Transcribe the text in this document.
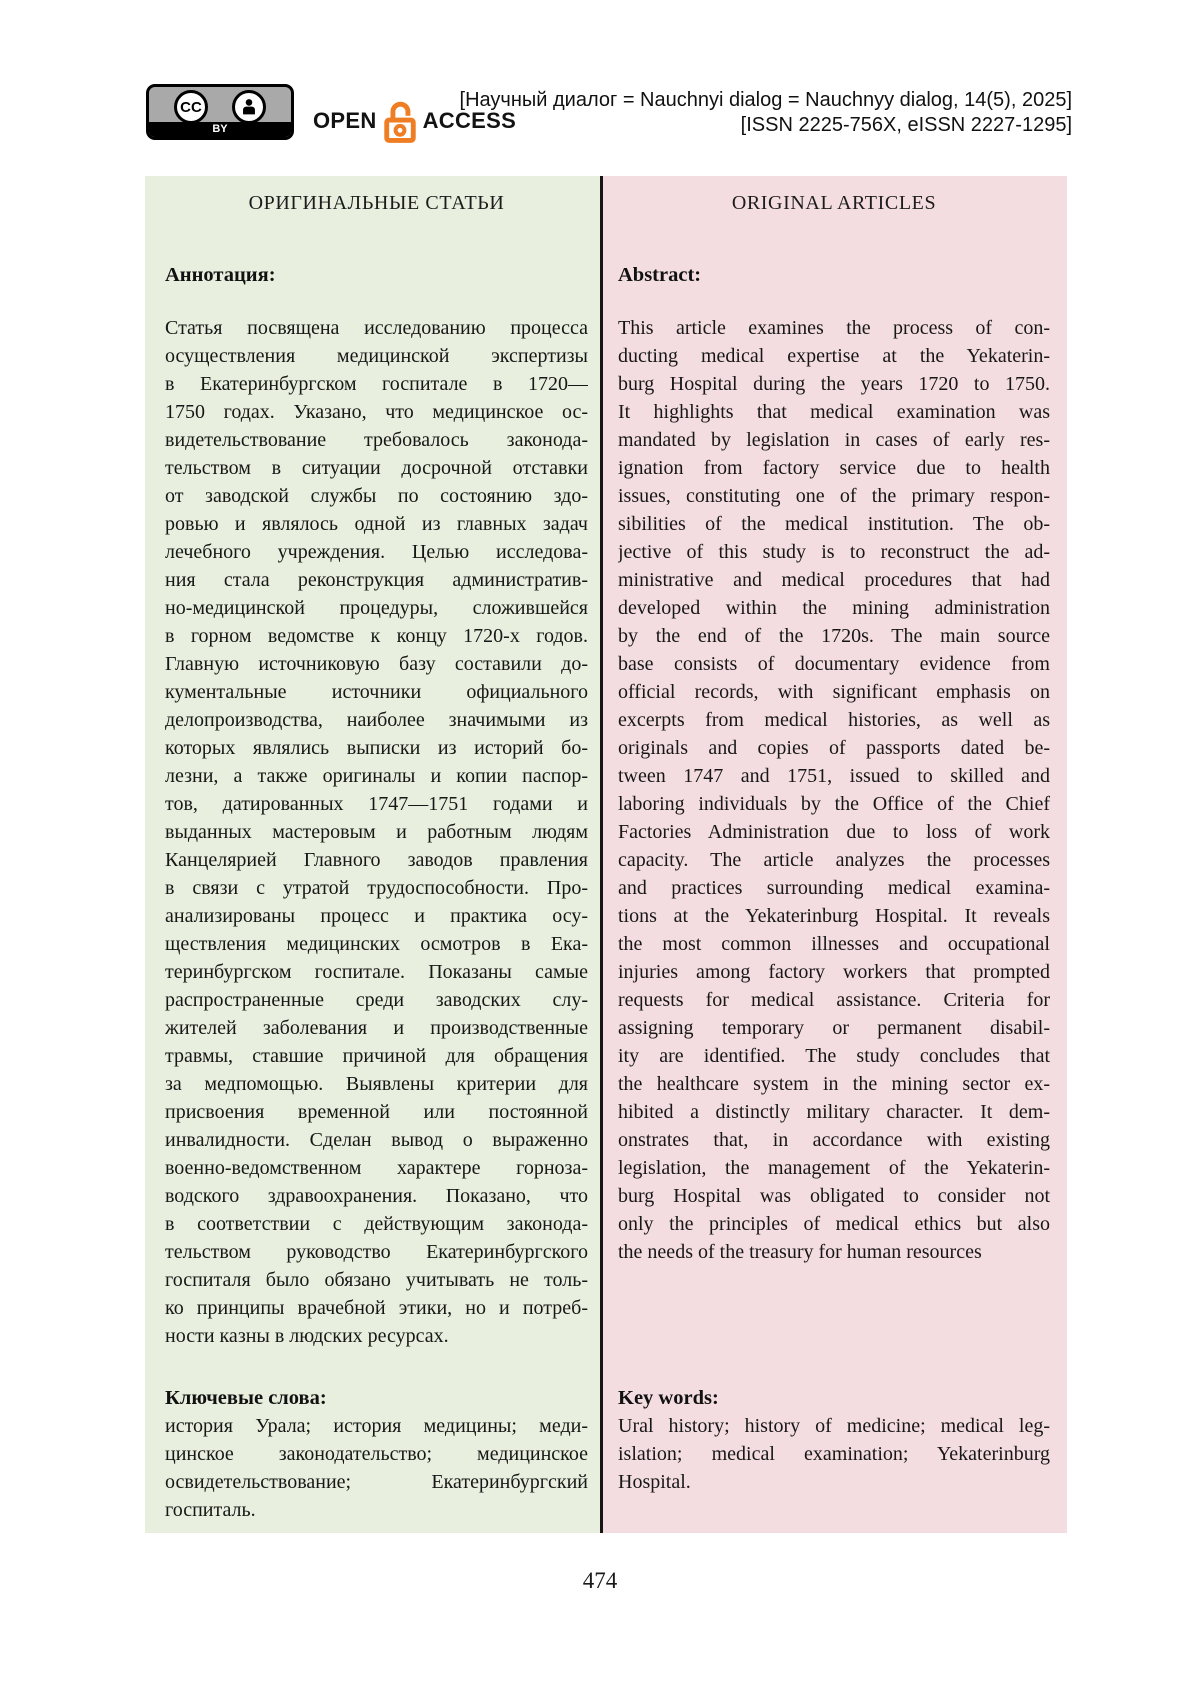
CC
BY	OPEN ACCESS
[Научный диалог = Nauchnyi dialog = Nauchnyy dialog, 14(5), 2025]
[ISSN 2225-756X, eISSN 2227-1295]
ОРИГИНАЛЬНЫЕ СТАТЬИ
Аннотация:
Статья посвящена исследованию процесса
осуществления медицинской экспертизы
в Екатеринбургском госпитале в 1720—
1750 годах. Указано, что медицинское ос-
видетельствование требовалось законода-
тельством в ситуации досрочной отставки
от заводской службы по состоянию здо-
ровью и являлось одной из главных задач
лечебного учреждения. Целью исследова-
ния стала реконструкция административ-
но-медицинской процедуры, сложившейся
в горном ведомстве к концу 1720-х годов.
Главную источниковую базу составили до-
кументальные источники официального
делопроизводства, наиболее значимыми из
которых являлись выписки из историй бо-
лезни, а также оригиналы и копии паспор-
тов, датированных 1747—1751 годами и
выданных мастеровым и работным людям
Канцелярией Главного заводов правления
в связи с утратой трудоспособности. Про-
анализированы процесс и практика осу-
ществления медицинских осмотров в Ека-
теринбургском госпитале. Показаны самые
распространенные среди заводских слу-
жителей заболевания и производственные
травмы, ставшие причиной для обращения
за медпомощью. Выявлены критерии для
присвоения временной или постоянной
инвалидности. Сделан вывод о выраженно
военно-ведомственном характере горноза-
водского здравоохранения. Показано, что
в соответствии с действующим законода-
тельством руководство Екатеринбургского
госпиталя было обязано учитывать не толь-
ко принципы врачебной этики, но и потреб-
ности казны в людских ресурсах.
Ключевые слова:
история Урала; история медицины; меди-
цинское законодательство; медицинское
освидетельствование; Екатеринбургский
госпиталь.
ORIGINAL ARTICLES
Abstract:
This article examines the process of con-
ducting medical expertise at the Yekaterin-
burg Hospital during the years 1720 to 1750.
It highlights that medical examination was
mandated by legislation in cases of early res-
ignation from factory service due to health
issues, constituting one of the primary respon-
sibilities of the medical institution. The ob-
jective of this study is to reconstruct the ad-
ministrative and medical procedures that had
developed within the mining administration
by the end of the 1720s. The main source
base consists of documentary evidence from
official records, with significant emphasis on
excerpts from medical histories, as well as
originals and copies of passports dated be-
tween 1747 and 1751, issued to skilled and
laboring individuals by the Office of the Chief
Factories Administration due to loss of work
capacity. The article analyzes the processes
and practices surrounding medical examina-
tions at the Yekaterinburg Hospital. It reveals
the most common illnesses and occupational
injuries among factory workers that prompted
requests for medical assistance. Criteria for
assigning temporary or permanent disabil-
ity are identified. The study concludes that
the healthcare system in the mining sector ex-
hibited a distinctly military character. It dem-
onstrates that, in accordance with existing
legislation, the management of the Yekaterin-
burg Hospital was obligated to consider not
only the principles of medical ethics but also
the needs of the treasury for human resources
Key words:
Ural history; history of medicine; medical leg-
islation; medical examination; Yekaterinburg
Hospital.
474
